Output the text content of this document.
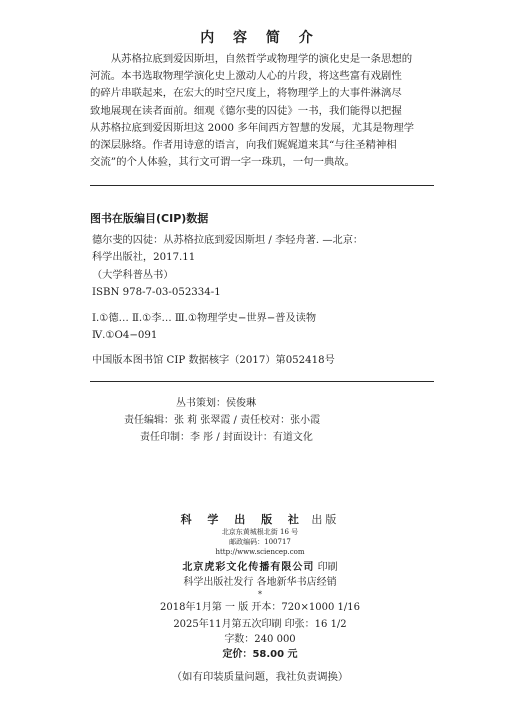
内 容 简 介
从苏格拉底到爱因斯坦，自然哲学或物理学的演化史是一条思想的
河流。本书选取物理学演化史上激动人心的片段，将这些富有戏剧性
的碎片串联起来，在宏大的时空尺度上，将物理学上的大事件淋漓尽
致地展现在读者面前。细观《德尔斐的囚徒》一书，我们能得以把握
从苏格拉底到爱因斯坦这 2000 多年间西方智慧的发展，尤其是物理学
的深层脉络。作者用诗意的语言，向我们娓娓道来其“与往圣精神相
交流”的个人体验，其行文可谓一字一珠玑，一句一典故。
图书在版编目(CIP)数据
德尔斐的囚徒：从苏格拉底到爱因斯坦 / 李轻舟著. —北京：
科学出版社，2017.11
（大学科普丛书）
ISBN 978-7-03-052334-1
Ⅰ.①德… Ⅱ.①李… Ⅲ.①物理学史−世界−普及读物
Ⅳ.①O4−091
中国版本图书馆 CIP 数据核字（2017）第052418号
丛书策划：侯俊琳
责任编辑：张 莉 张翠霞 / 责任校对：张小霞
责任印制：李 彤 / 封面设计：有道文化
科 学 出 版 社 出版
北京东黄城根北街 16 号
邮政编码：100717
http://www.sciencep.com
北京虎彩文化传播有限公司 印刷
科学出版社发行 各地新华书店经销
*
2018年1月第 一 版 开本：720×1000 1/16
2025年11月第五次印刷 印张：16 1/2
字数：240 000
定价：58.00 元
（如有印装质量问题，我社负责调换）
